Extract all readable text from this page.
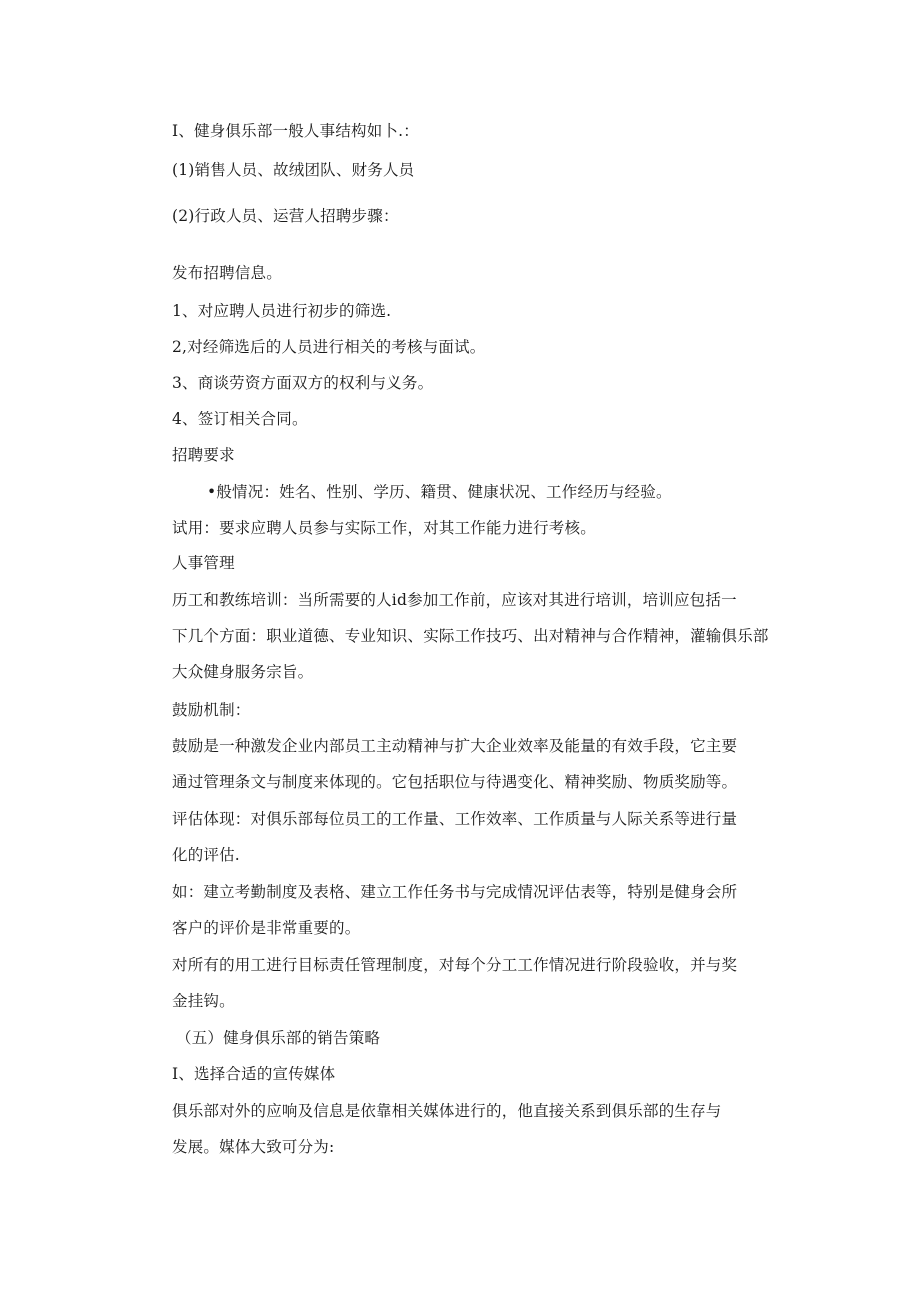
I、健身俱乐部一般人事结构如卜.：
(1)销售人员、故绒团队、财务人员
(2)行政人员、运营人招聘步骤：
发布招聘信息。
1、对应聘人员进行初步的筛选.
2,对经筛选后的人员进行相关的考核与面试。
3、商谈劳资方面双方的权利与义务。
4、签订相关合同。
招聘要求
•般情况：姓名、性别、学历、籍贯、健康状况、工作经历与经验。
试用：要求应聘人员参与实际工作，对其工作能力进行考核。
人事管理
历工和教练培训：当所需要的人id参加工作前，应该对其进行培训，培训应包括一
下几个方面：职业道德、专业知识、实际工作技巧、出对精神与合作精神，灌输俱乐部
大众健身服务宗旨。
鼓励机制：
鼓励是一种激发企业内部员工主动精神与扩大企业效率及能量的有效手段，它主要
通过管理条文与制度来体现的。它包括职位与待遇变化、精神奖励、物质奖励等。
评估体现：对俱乐部每位员工的工作量、工作效率、工作质量与人际关系等进行量
化的评估.
如：建立考勤制度及表格、建立工作任务书与完成情况评估表等，特别是健身会所
客户的评价是非常重要的。
对所有的用工进行目标责任管理制度，对每个分工工作情况进行阶段验收，并与奖
金挂钩。
（五）健身俱乐部的销告策略
I、选择合适的宣传媒体
俱乐部对外的应响及信息是依靠相关媒体进行的，他直接关系到俱乐部的生存与
发展。媒体大致可分为:
